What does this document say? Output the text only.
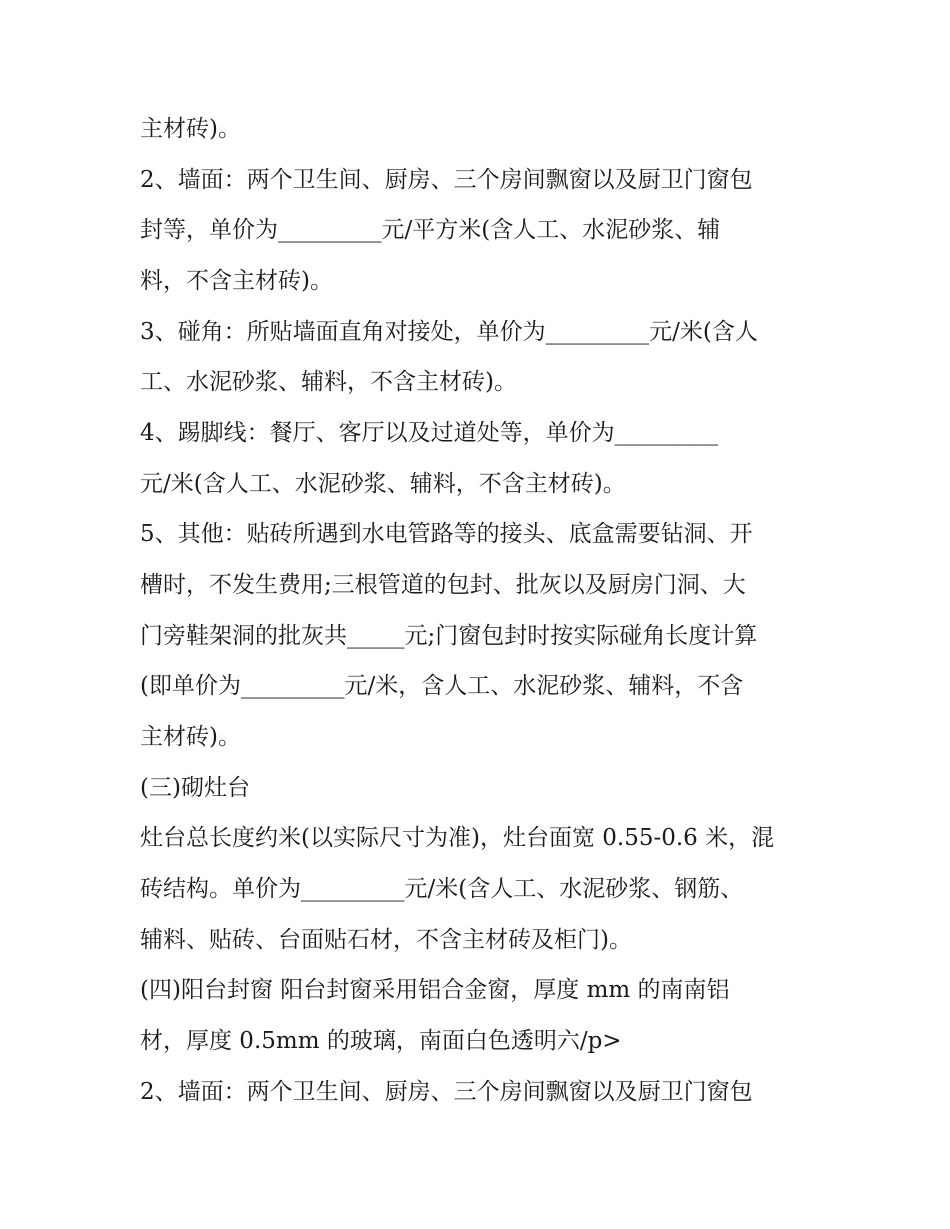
主材砖)。
2、墙面：两个卫生间、厨房、三个房间飘窗以及厨卫门窗包
封等，单价为_________元/平方米(含人工、水泥砂浆、辅
料，不含主材砖)。
3、碰角：所贴墙面直角对接处，单价为_________元/米(含人
工、水泥砂浆、辅料，不含主材砖)。
4、踢脚线：餐厅、客厅以及过道处等，单价为_________
元/米(含人工、水泥砂浆、辅料，不含主材砖)。
5、其他：贴砖所遇到水电管路等的接头、底盒需要钻洞、开
槽时，不发生费用;三根管道的包封、批灰以及厨房门洞、大
门旁鞋架洞的批灰共_____元;门窗包封时按实际碰角长度计算
(即单价为_________元/米，含人工、水泥砂浆、辅料，不含
主材砖)。
(三)砌灶台
灶台总长度约米(以实际尺寸为准)，灶台面宽 0.55-0.6 米，混
砖结构。单价为_________元/米(含人工、水泥砂浆、钢筋、
辅料、贴砖、台面贴石材，不含主材砖及柜门)。
(四)阳台封窗 阳台封窗采用铝合金窗，厚度 mm 的南南铝
材，厚度 0.5mm 的玻璃，南面白色透明六/p>
2、墙面：两个卫生间、厨房、三个房间飘窗以及厨卫门窗包
